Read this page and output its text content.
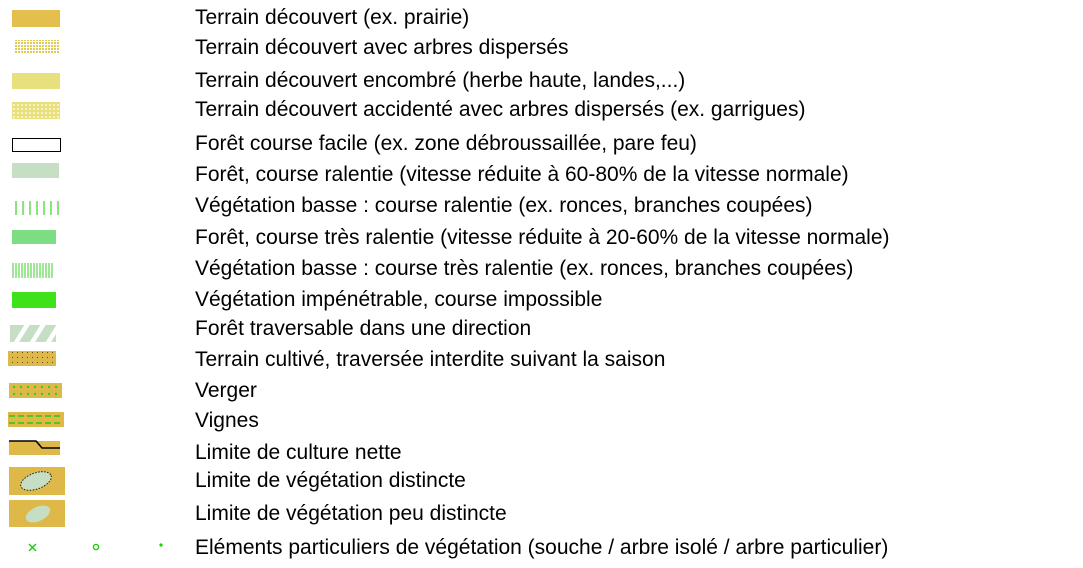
Terrain découvert (ex. prairie)
Terrain découvert avec arbres dispersés
Terrain découvert encombré (herbe haute, landes,...)
Terrain découvert accidenté avec arbres dispersés (ex. garrigues)
Forêt course facile (ex. zone débroussaillée, pare feu)
Forêt, course ralentie (vitesse réduite à 60-80% de la vitesse normale)
Végétation basse : course ralentie (ex. ronces, branches coupées)
Forêt, course très ralentie (vitesse réduite à 20-60% de la vitesse normale)
Végétation basse : course très ralentie (ex. ronces, branches coupées)
Végétation impénétrable, course impossible
Forêt traversable dans une direction
Terrain cultivé, traversée interdite suivant la saison
Verger
Vignes
Limite de culture nette
Limite de végétation distincte
Limite de végétation peu distincte
Eléments particuliers de végétation (souche / arbre isolé / arbre particulier)
